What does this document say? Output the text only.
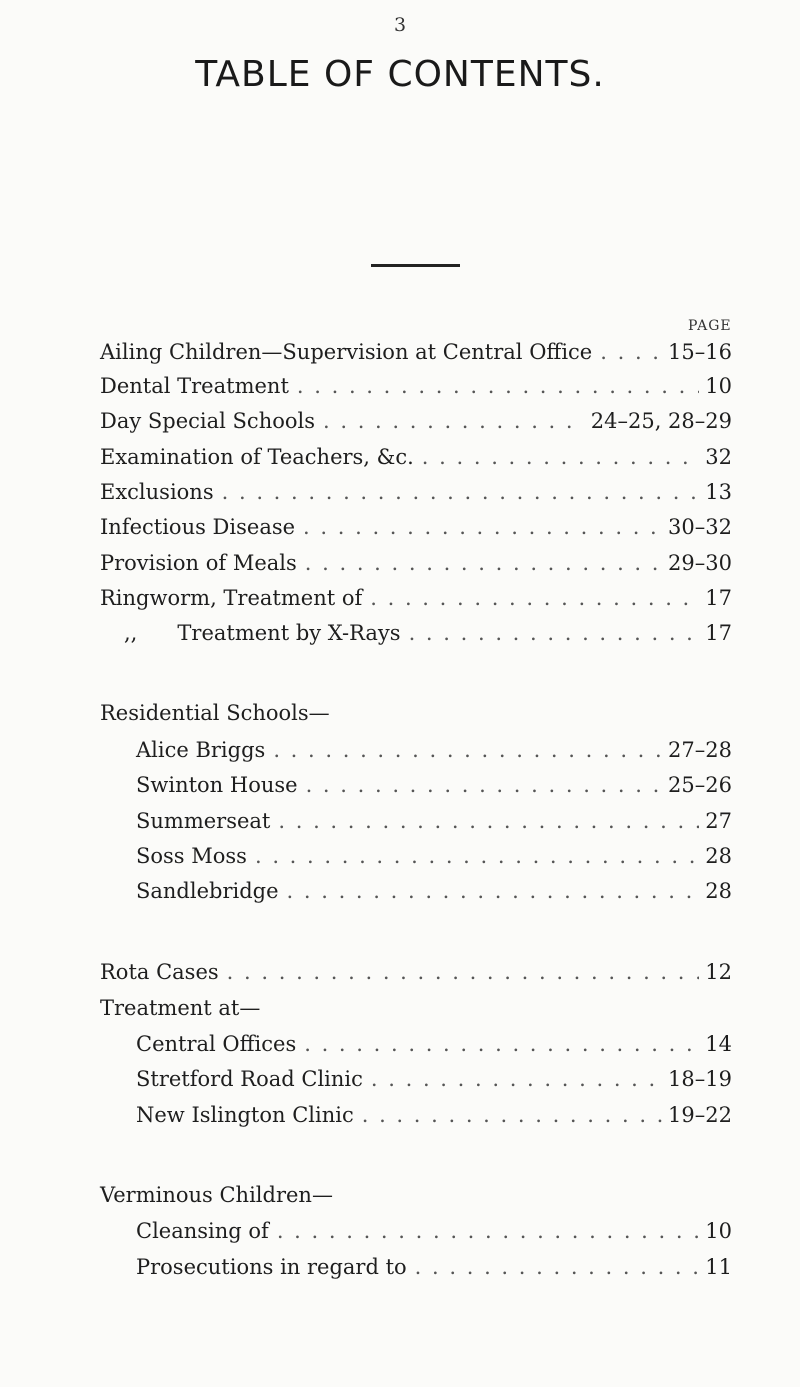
3
TABLE OF CONTENTS.
PAGE
Ailing Children—Supervision at Central Office . . .	15–16
Dental Treatment . . .	10
Day Special Schools . . .	24–25, 28–29
Examination of Teachers, &c. . . .	32
Exclusions . . .	13
Infectious Disease . . .	30–32
Provision of Meals . . .	29–30
Ringworm, Treatment of . . .	17
,,      Treatment by X-Rays . . .	17
Residential Schools—
Alice Briggs . . .	27–28
Swinton House . . .	25–26
Summerseat . . .	27
Soss Moss . . .	28
Sandlebridge . . .	28
Rota Cases . . .	12
Treatment at—
Central Offices . . .	14
Stretford Road Clinic . . .	18–19
New Islington Clinic . . .	19–22
Verminous Children—
Cleansing of . . .	10
Prosecutions in regard to . . .	11
